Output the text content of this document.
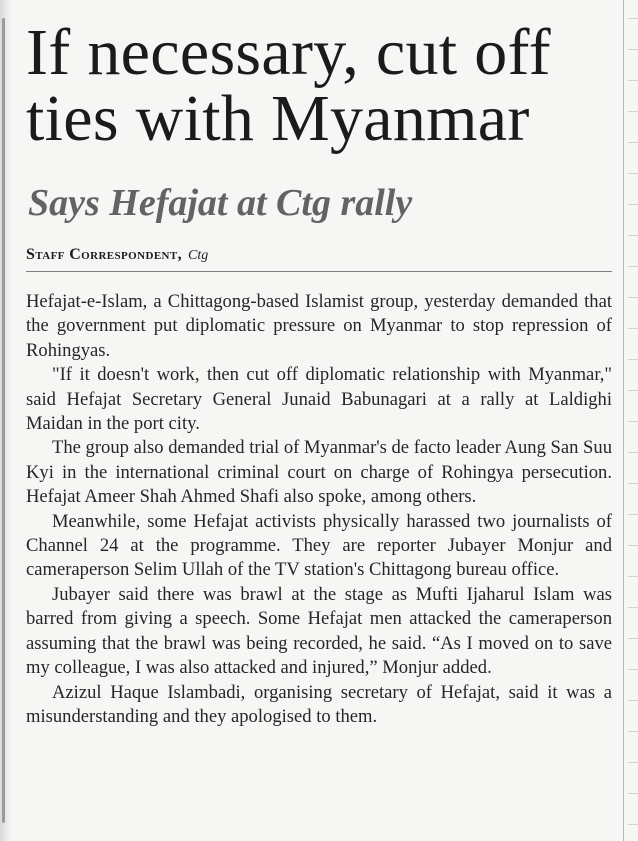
If necessary, cut off ties with Myanmar
Says Hefajat at Ctg rally
Staff Correspondent, Ctg

Hefajat-e-Islam, a Chittagong-based Islamist group, yesterday demanded that the government put diplomatic pressure on Myanmar to stop repression of Rohingyas.

"If it doesn't work, then cut off diplomatic relationship with Myanmar," said Hefajat Secretary General Junaid Babunagari at a rally at Laldighi Maidan in the port city.

The group also demanded trial of Myanmar's de facto leader Aung San Suu Kyi in the international criminal court on charge of Rohingya persecution. Hefajat Ameer Shah Ahmed Shafi also spoke, among others.

Meanwhile, some Hefajat activists physically harassed two journalists of Channel 24 at the programme. They are reporter Jubayer Monjur and cameraperson Selim Ullah of the TV station's Chittagong bureau office.

Jubayer said there was brawl at the stage as Mufti Ijaharul Islam was barred from giving a speech. Some Hefajat men attacked the cameraperson assuming that the brawl was being recorded, he said. “As I moved on to save my colleague, I was also attacked and injured,” Monjur added.

Azizul Haque Islambadi, organising secretary of Hefajat, said it was a misunderstanding and they apologised to them.
